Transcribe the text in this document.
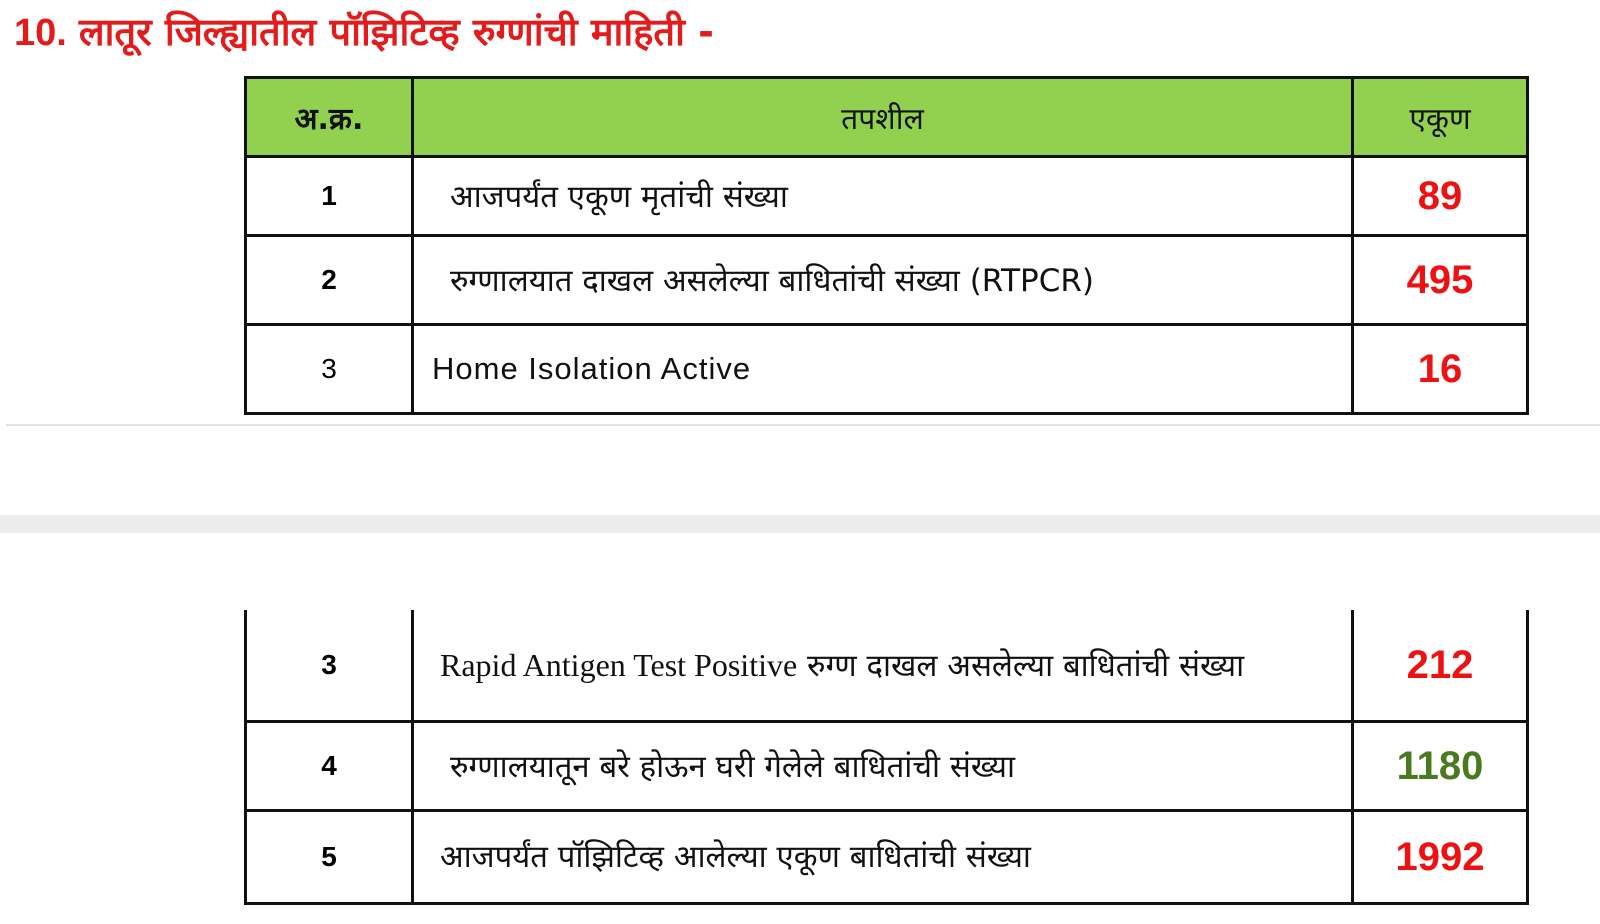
10. लातूर जिल्ह्यातील पॉझिटिव्ह रुग्णांची माहिती -
अ.क्र.	तपशील	एकूण
1	आजपर्यंत एकूण मृतांची संख्या	89
2	रुग्णालयात दाखल असलेल्या बाधितांची संख्या (RTPCR)	495
3	Home Isolation Active	16
3	Rapid Antigen Test Positive रुग्ण दाखल असलेल्या बाधितांची संख्या	212
4	रुग्णालयातून बरे होऊन घरी गेलेले बाधितांची संख्या	1180
5	आजपर्यंत पॉझिटिव्ह आलेल्या एकूण बाधितांची संख्या	1992
